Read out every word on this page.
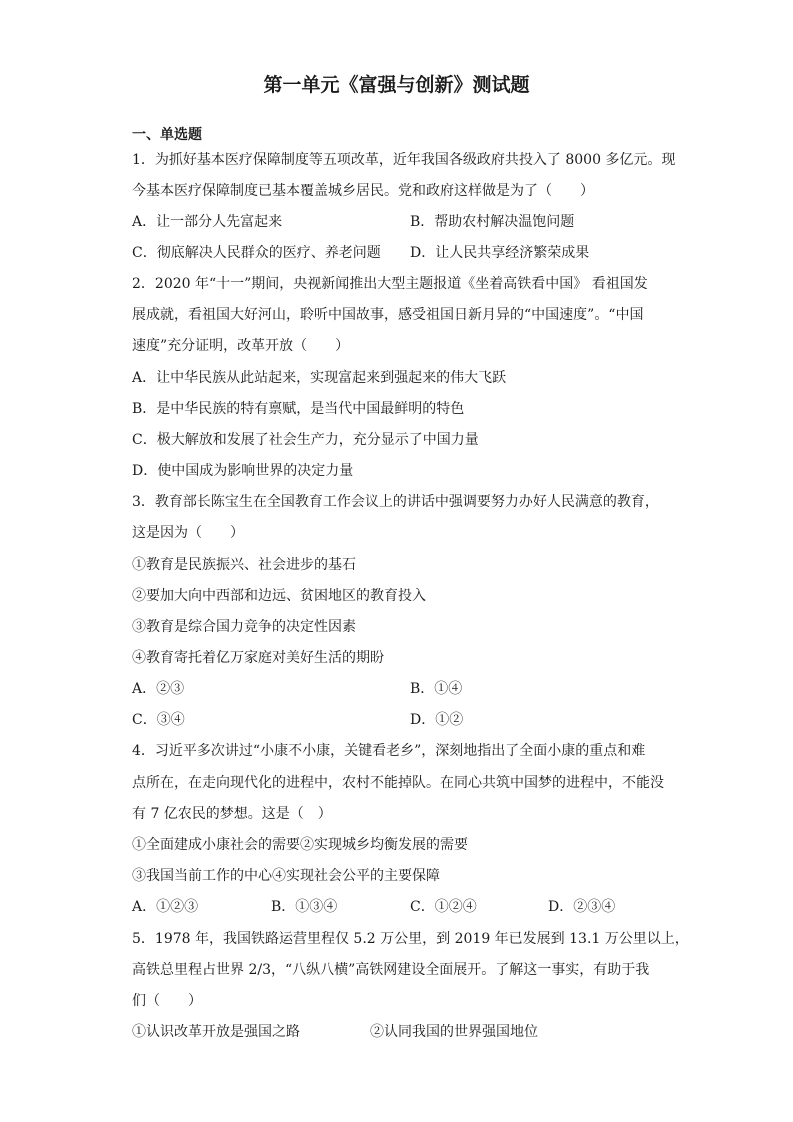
第一单元《富强与创新》测试题
一、单选题
1．为抓好基本医疗保障制度等五项改革，近年我国各级政府共投入了 8000 多亿元。现
今基本医疗保障制度已基本覆盖城乡居民。党和政府这样做是为了（　　）
A．让一部分人先富起来	B．帮助农村解决温饱问题
C．彻底解决人民群众的医疗、养老问题 D．让人民共享经济繁荣成果
2．2020 年“十一”期间，央视新闻推出大型主题报道《坐着高铁看中国》 看祖国发
展成就，看祖国大好河山，聆听中国故事，感受祖国日新月异的“中国速度”。“中国
速度”充分证明，改革开放（　　）
A．让中华民族从此站起来，实现富起来到强起来的伟大飞跃
B．是中华民族的特有禀赋，是当代中国最鲜明的特色
C．极大解放和发展了社会生产力，充分显示了中国力量
D．使中国成为影响世界的决定力量
3．教育部长陈宝生在全国教育工作会议上的讲话中强调要努力办好人民满意的教育，
这是因为（　　）
①教育是民族振兴、社会进步的基石
②要加大向中西部和边远、贫困地区的教育投入
③教育是综合国力竞争的决定性因素
④教育寄托着亿万家庭对美好生活的期盼
A．②③	B．①④
C．③④	D．①②
4．习近平多次讲过“小康不小康，关键看老乡”，深刻地指出了全面小康的重点和难
点所在，在走向现代化的进程中，农村不能掉队。在同心共筑中国梦的进程中，不能没
有 7 亿农民的梦想。这是（　）
①全面建成小康社会的需要②实现城乡均衡发展的需要
③我国当前工作的中心④实现社会公平的主要保障
A．①②③	B．①③④	C．①②④	D．②③④
5．1978 年，我国铁路运营里程仅 5.2 万公里，到 2019 年已发展到 13.1 万公里以上，
高铁总里程占世界 2/3，“八纵八横”高铁网建设全面展开。了解这一事实，有助于我
们（　　）
①认识改革开放是强国之路	②认同我国的世界强国地位
